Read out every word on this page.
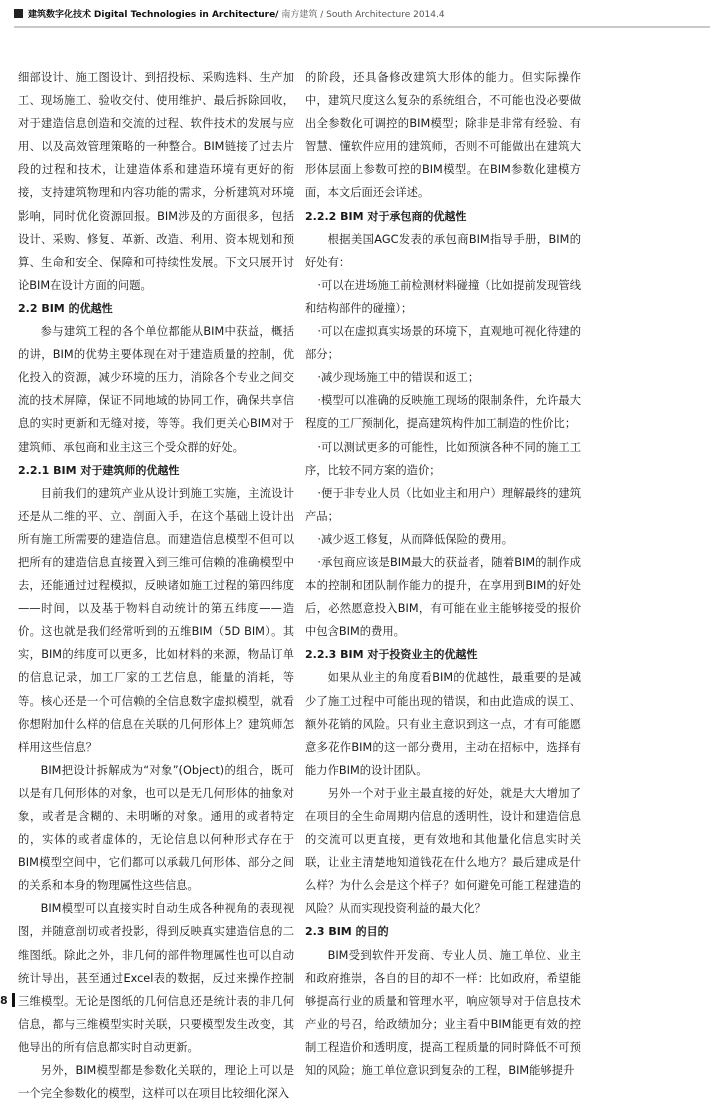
建筑数字化技术 Digital Technologies in Architecture/ 南方建筑 / South Architecture 2014.4

细部设计、施工图设计、到招投标、采购选料、生产加工、现场施工、验收交付、使用维护、最后拆除回收，对于建造信息创造和交流的过程、软件技术的发展与应用、以及高效管理策略的一种整合。BIM链接了过去片段的过程和技术，让建造体系和建造环境有更好的衔接，支持建筑物理和内容功能的需求，分析建筑对环境影响，同时优化资源回报。BIM涉及的方面很多，包括设计、采购、修复、革新、改造、利用、资本规划和预算、生命和安全、保障和可持续性发展。下文只展开讨论BIM在设计方面的问题。

2.2 BIM 的优越性

参与建筑工程的各个单位都能从BIM中获益，概括的讲，BIM的优势主要体现在对于建造质量的控制，优化投入的资源，减少环境的压力，消除各个专业之间交流的技术屏障，保证不同地域的协同工作，确保共享信息的实时更新和无缝对接，等等。我们更关心BIM对于建筑师、承包商和业主这三个受众群的好处。

2.2.1 BIM 对于建筑师的优越性

目前我们的建筑产业从设计到施工实施，主流设计还是从二维的平、立、剖面入手，在这个基础上设计出所有施工所需要的建造信息。而建造信息模型不但可以把所有的建造信息直接置入到三维可信赖的准确模型中去，还能通过过程模拟，反映诸如施工过程的第四纬度——时间，以及基于物料自动统计的第五纬度——造价。这也就是我们经常听到的五维BIM（5D BIM）。其实，BIM的纬度可以更多，比如材料的来源，物品订单的信息记录，加工厂家的工艺信息，能量的消耗，等等。核心还是一个可信赖的全信息数字虚拟模型，就看你想附加什么样的信息在关联的几何形体上？建筑师怎样用这些信息？

BIM把设计拆解成为“对象”(Object)的组合，既可以是有几何形体的对象，也可以是无几何形体的抽象对象，或者是含糊的、未明晰的对象。通用的或者特定的，实体的或者虚体的，无论信息以何种形式存在于BIM模型空间中，它们都可以承载几何形体、部分之间的关系和本身的物理属性这些信息。

BIM模型可以直接实时自动生成各种视角的表现视图，并随意剖切或者投影，得到反映真实建造信息的二维图纸。除此之外，非几何的部件物理属性也可以自动统计导出，甚至通过Excel表的数据，反过来操作控制三维模型。无论是图纸的几何信息还是统计表的非几何信息，都与三维模型实时关联，只要模型发生改变，其他导出的所有信息都实时自动更新。

另外，BIM模型都是参数化关联的，理论上可以是一个完全参数化的模型，这样可以在项目比较细化深入

的阶段，还具备修改建筑大形体的能力。但实际操作中，建筑尺度这么复杂的系统组合，不可能也没必要做出全参数化可调控的BIM模型；除非是非常有经验、有智慧、懂软件应用的建筑师，否则不可能做出在建筑大形体层面上参数可控的BIM模型。在BIM参数化建模方面，本文后面还会详述。

2.2.2 BIM 对于承包商的优越性

根据美国AGC发表的承包商BIM指导手册，BIM的好处有：

·可以在进场施工前检测材料碰撞（比如提前发现管线和结构部件的碰撞）；

·可以在虚拟真实场景的环境下，直观地可视化待建的部分；

·减少现场施工中的错误和返工；

·模型可以准确的反映施工现场的限制条件，允许最大程度的工厂预制化，提高建筑构件加工制造的性价比；

·可以测试更多的可能性，比如预演各种不同的施工工序，比较不同方案的造价；

·便于非专业人员（比如业主和用户）理解最终的建筑产品；

·减少返工修复，从而降低保险的费用。

·承包商应该是BIM最大的获益者，随着BIM的制作成本的控制和团队制作能力的提升，在享用到BIM的好处后，必然愿意投入BIM，有可能在业主能够接受的报价中包含BIM的费用。

2.2.3 BIM 对于投资业主的优越性

如果从业主的角度看BIM的优越性，最重要的是减少了施工过程中可能出现的错误，和由此造成的误工、额外花销的风险。只有业主意识到这一点，才有可能愿意多花作BIM的这一部分费用，主动在招标中，选择有能力作BIM的设计团队。

另外一个对于业主最直接的好处，就是大大增加了在项目的全生命周期内信息的透明性，设计和建造信息的交流可以更直接，更有效地和其他量化信息实时关联，让业主清楚地知道钱花在什么地方？最后建成是什么样？为什么会是这个样子？如何避免可能工程建造的风险？从而实现投资利益的最大化？

2.3 BIM 的目的

BIM受到软件开发商、专业人员、施工单位、业主和政府推崇，各自的目的却不一样：比如政府，希望能够提高行业的质量和管理水平，响应领导对于信息技术产业的号召，给政绩加分；业主看中BIM能更有效的控制工程造价和透明度，提高工程质量的同时降低不可预知的风险；施工单位意识到复杂的工程，BIM能够提升

8
